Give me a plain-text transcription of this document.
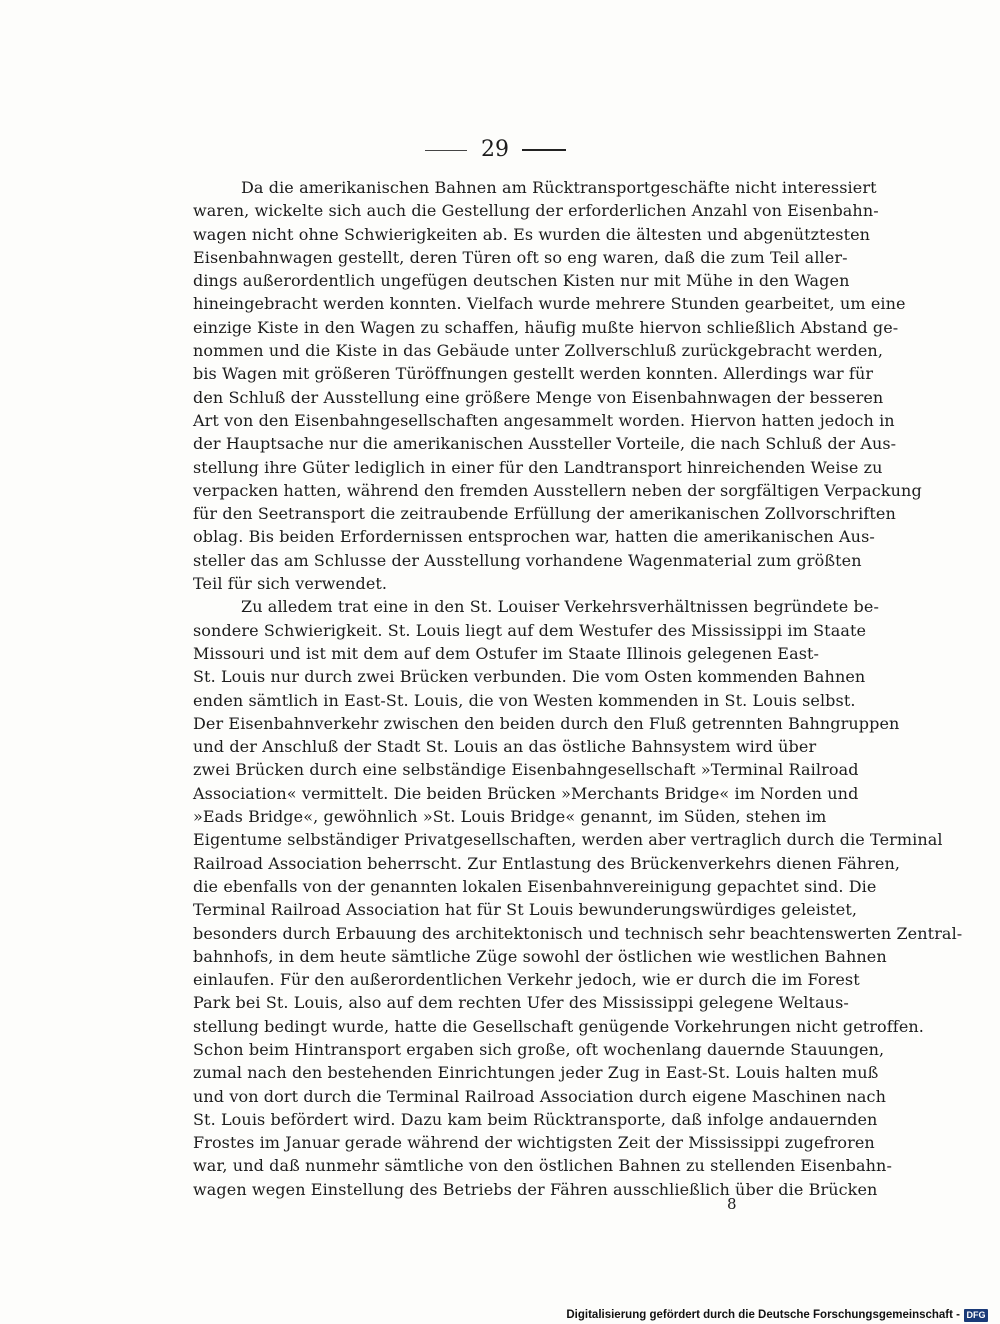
29
Da die amerikanischen Bahnen am Rücktransportgeschäfte nicht interessiert
waren, wickelte sich auch die Gestellung der erforderlichen Anzahl von Eisenbahn-
wagen nicht ohne Schwierigkeiten ab. Es wurden die ältesten und abgenütztesten
Eisenbahnwagen gestellt, deren Türen oft so eng waren, daß die zum Teil aller-
dings außerordentlich ungefügen deutschen Kisten nur mit Mühe in den Wagen
hineingebracht werden konnten. Vielfach wurde mehrere Stunden gearbeitet, um eine
einzige Kiste in den Wagen zu schaffen, häufig mußte hiervon schließlich Abstand ge-
nommen und die Kiste in das Gebäude unter Zollverschluß zurückgebracht werden,
bis Wagen mit größeren Türöffnungen gestellt werden konnten. Allerdings war für
den Schluß der Ausstellung eine größere Menge von Eisenbahnwagen der besseren
Art von den Eisenbahngesellschaften angesammelt worden. Hiervon hatten jedoch in
der Hauptsache nur die amerikanischen Aussteller Vorteile, die nach Schluß der Aus-
stellung ihre Güter lediglich in einer für den Landtransport hinreichenden Weise zu
verpacken hatten, während den fremden Ausstellern neben der sorgfältigen Verpackung
für den Seetransport die zeitraubende Erfüllung der amerikanischen Zollvorschriften
oblag. Bis beiden Erfordernissen entsprochen war, hatten die amerikanischen Aus-
steller das am Schlusse der Ausstellung vorhandene Wagenmaterial zum größten
Teil für sich verwendet.
Zu alledem trat eine in den St. Louiser Verkehrsverhältnissen begründete be-
sondere Schwierigkeit. St. Louis liegt auf dem Westufer des Mississippi im Staate
Missouri und ist mit dem auf dem Ostufer im Staate Illinois gelegenen East-
St. Louis nur durch zwei Brücken verbunden. Die vom Osten kommenden Bahnen
enden sämtlich in East-St. Louis, die von Westen kommenden in St. Louis selbst.
Der Eisenbahnverkehr zwischen den beiden durch den Fluß getrennten Bahngruppen
und der Anschluß der Stadt St. Louis an das östliche Bahnsystem wird über
zwei Brücken durch eine selbständige Eisenbahngesellschaft »Terminal Railroad
Association« vermittelt. Die beiden Brücken »Merchants Bridge« im Norden und
»Eads Bridge«, gewöhnlich »St. Louis Bridge« genannt, im Süden, stehen im
Eigentume selbständiger Privatgesellschaften, werden aber vertraglich durch die Terminal
Railroad Association beherrscht. Zur Entlastung des Brückenverkehrs dienen Fähren,
die ebenfalls von der genannten lokalen Eisenbahnvereinigung gepachtet sind. Die
Terminal Railroad Association hat für St Louis bewunderungswürdiges geleistet,
besonders durch Erbauung des architektonisch und technisch sehr beachtenswerten Zentral-
bahnhofs, in dem heute sämtliche Züge sowohl der östlichen wie westlichen Bahnen
einlaufen. Für den außerordentlichen Verkehr jedoch, wie er durch die im Forest
Park bei St. Louis, also auf dem rechten Ufer des Mississippi gelegene Weltaus-
stellung bedingt wurde, hatte die Gesellschaft genügende Vorkehrungen nicht getroffen.
Schon beim Hintransport ergaben sich große, oft wochenlang dauernde Stauungen,
zumal nach den bestehenden Einrichtungen jeder Zug in East-St. Louis halten muß
und von dort durch die Terminal Railroad Association durch eigene Maschinen nach
St. Louis befördert wird. Dazu kam beim Rücktransporte, daß infolge andauernden
Frostes im Januar gerade während der wichtigsten Zeit der Mississippi zugefroren
war, und daß nunmehr sämtliche von den östlichen Bahnen zu stellenden Eisenbahn-
wagen wegen Einstellung des Betriebs der Fähren ausschließlich über die Brücken
8
Digitalisierung gefördert durch die Deutsche Forschungsgemeinschaft - DFG
